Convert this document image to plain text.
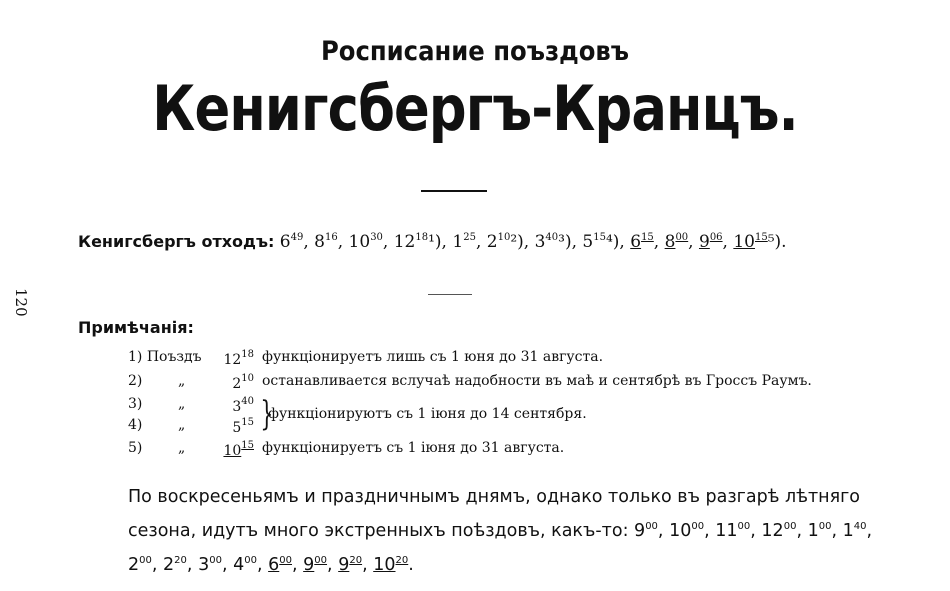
120
Росписание поъздовъ
Кенигсбергъ-Кранцъ.
Кенигсбергъ отходъ: $6^{49}$, $8^{16}$, $10^{30}$, $12^{18}^1$), $1^{25}$, $2^{10}^2$), $3^{40}^3$), $5^{15}^4$), $6^{15}$, $8^{00}$, $9^{06}$, $10^{15}^5$).
Примѣчанія:
1) Поъздъ	$12^{18}$ функціонируетъ лишь съ 1 юня до 31 августа.
2)	„	$2^{10}$ останавливается вслучаѣ надобности въ маѣ и сентябрѣ въ Гроссъ Раумъ.
3)	„	$3^{40}$
4)	„	$5^{15}$ }
функціонируютъ съ 1 іюня до 14 сентября.
5)	„	$10^{15}$ функціонируетъ съ 1 іюня до 31 августа.
По воскресеньямъ и праздничнымъ днямъ, однако только въ разгарѣ лѣтняго сезона, идутъ много экстренныхъ поѣздовъ, какъ-то: $9^{00}$, $10^{00}$, $11^{00}$, $12^{00}$, $1^{00}$, $1^{40}$, $2^{00}$, $2^{20}$, $3^{00}$, $4^{00}$, $6^{00}$, $9^{00}$, $9^{20}$, $10^{20}$.
